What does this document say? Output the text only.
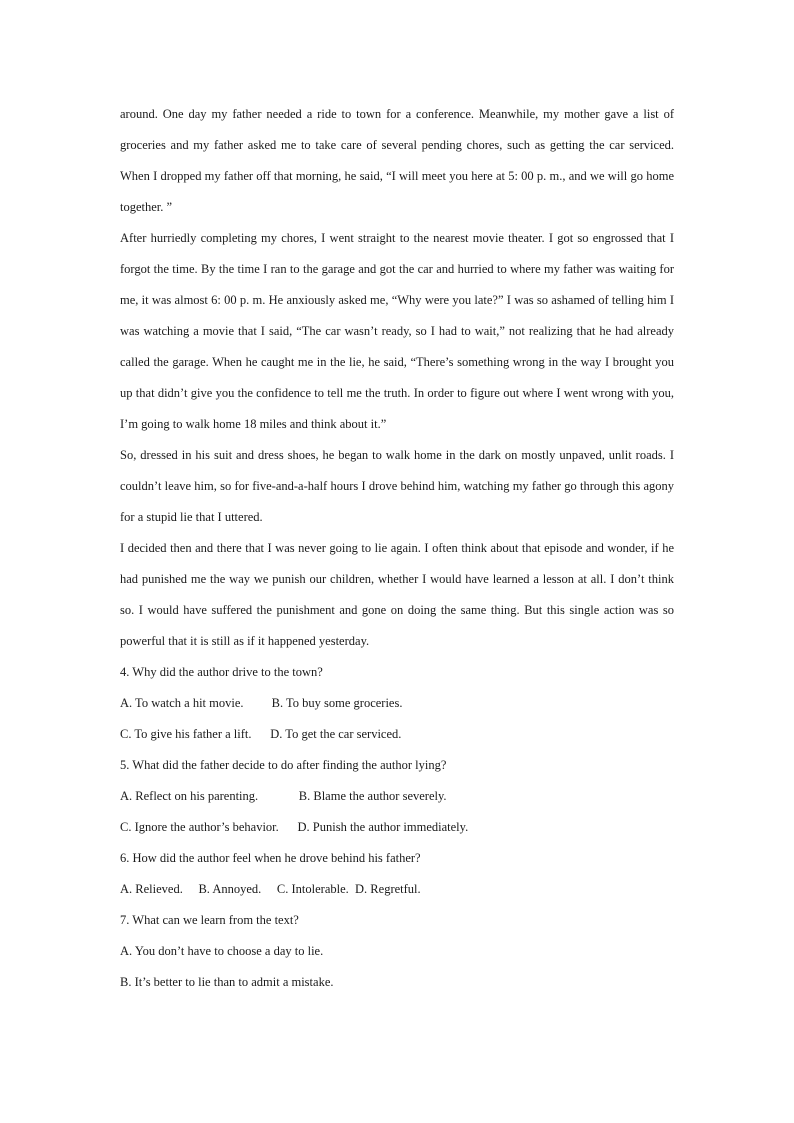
around. One day my father needed a ride to town for a conference. Meanwhile, my mother gave a list of groceries and my father asked me to take care of several pending chores, such as getting the car serviced. When I dropped my father off that morning, he said, “I will meet you here at 5: 00 p. m., and we will go home together. ”

After hurriedly completing my chores, I went straight to the nearest movie theater. I got so engrossed that I forgot the time. By the time I ran to the garage and got the car and hurried to where my father was waiting for me, it was almost 6: 00 p. m. He anxiously asked me, “Why were you late?” I was so ashamed of telling him I was watching a movie that I said, “The car wasn’t ready, so I had to wait,” not realizing that he had already called the garage. When he caught me in the lie, he said, “There’s something wrong in the way I brought you up that didn’t give you the confidence to tell me the truth. In order to figure out where I went wrong with you, I’m going to walk home 18 miles and think about it.”

So, dressed in his suit and dress shoes, he began to walk home in the dark on mostly unpaved, unlit roads. I couldn’t leave him, so for five-and-a-half hours I drove behind him, watching my father go through this agony for a stupid lie that I uttered.

I decided then and there that I was never going to lie again. I often think about that episode and wonder, if he had punished me the way we punish our children, whether I would have learned a lesson at all. I don’t think so. I would have suffered the punishment and gone on doing the same thing. But this single action was so powerful that it is still as if it happened yesterday.

4. Why did the author drive to the town?

A. To watch a hit movie.         B. To buy some groceries.

C. To give his father a lift.      D. To get the car serviced.

5. What did the father decide to do after finding the author lying?

A. Reflect on his parenting.             B. Blame the author severely.

C. Ignore the author’s behavior.      D. Punish the author immediately.

6. How did the author feel when he drove behind his father?

A. Relieved.     B. Annoyed.     C. Intolerable.  D. Regretful.

7. What can we learn from the text?

A. You don’t have to choose a day to lie.

B. It’s better to lie than to admit a mistake.
